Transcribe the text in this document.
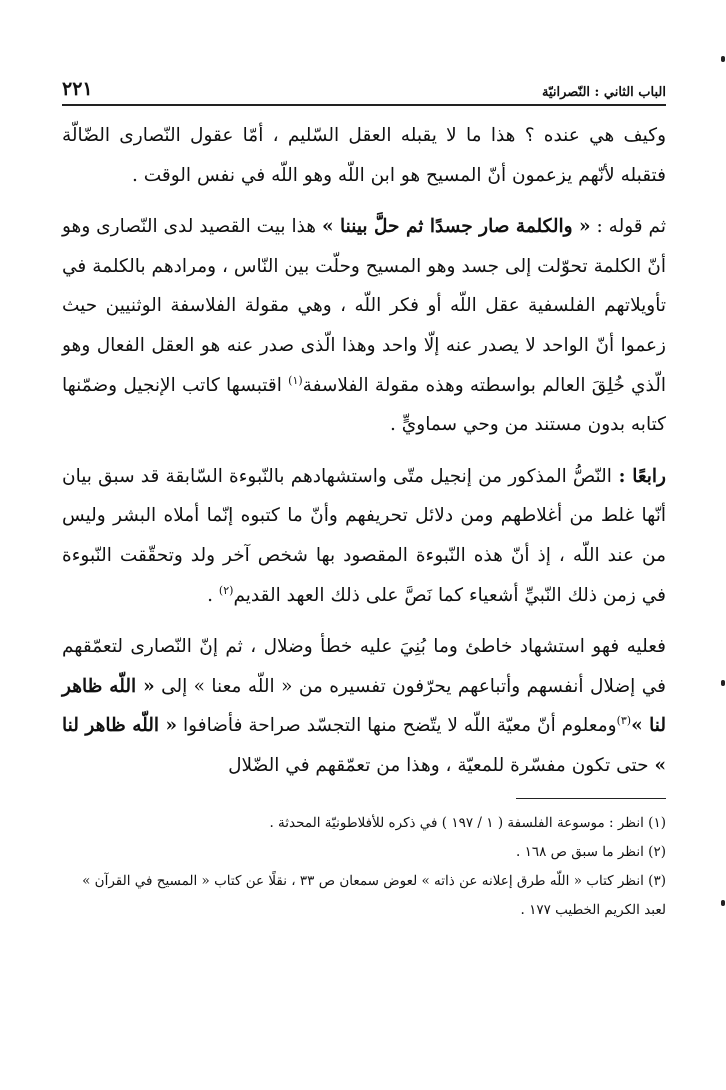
الباب الثاني : النّصرانيّة
٢٢١

وكيف هي عنده ؟ هذا ما لا يقبله العقل السّليم ، أمّا عقول النّصارى الضّالّة فتقبله لأنّهم يزعمون أنّ المسيح هو ابن اللّه وهو اللّه في نفس الوقت .

ثم قوله : « والكلمة صار جسدًا ثم حلَّ بيننا » هذا بيت القصيد لدى النّصارى وهو أنّ الكلمة تحوّلت إلى جسد وهو المسيح وحلّت بين النّاس ، ومرادهم بالكلمة في تأويلاتهم الفلسفية عقل اللّه أو فكر اللّه ، وهي مقولة الفلاسفة الوثنيين حيث زعموا أنّ الواحد لا يصدر عنه إلّا واحد وهذا الّذى صدر عنه هو العقل الفعال وهو الّذي خُلِقَ العالم بواسطته وهذه مقولة الفلاسفة$^{(١)}$ اقتبسها كاتب الإنجيل وضمّنها كتابه بدون مستند من وحي سماويٍّ .

رابعًا : النّصُّ المذكور من إنجيل متّى واستشهادهم بالنّبوءة السّابقة قد سبق بيان أنّها غلط من أغلاطهم ومن دلائل تحريفهم وأنّ ما كتبوه إنّما أملاه البشر وليس من عند اللّه ، إذ أنّ هذه النّبوءة المقصود بها شخص آخر ولد وتحقّقت النّبوءة في زمن ذلك النّبيِّ أشعياء كما نَصَّ على ذلك العهد القديم$^{(٢)}$ .

فعليه فهو استشهاد خاطئ وما بُنِيَ عليه خطأ وضلال ، ثم إنّ النّصارى لتعمّقهم في إضلال أنفسهم وأتباعهم يحرّفون تفسيره من « اللّه معنا » إلى « اللّه ظاهر لنا »$^{(٣)}$ومعلوم أنّ معيّة اللّه لا يتّضح منها التجسّد صراحة فأضافوا « اللّه ظاهر لنا » حتى تكون مفسّرة للمعيّة ، وهذا من تعمّقهم في الضّلال

(١) انظر : موسوعة الفلسفة ( ١ / ١٩٧ ) في ذكره للأفلاطونيّة المحدثة .

(٢) انظر ما سبق ص ١٦٨ .

(٣) انظر كتاب « اللّه طرق إعلانه عن ذاته » لعوض سمعان ص ٣٣ ، نقلًا عن كتاب « المسيح في القرآن » لعبد الكريم الخطيب ١٧٧ .
